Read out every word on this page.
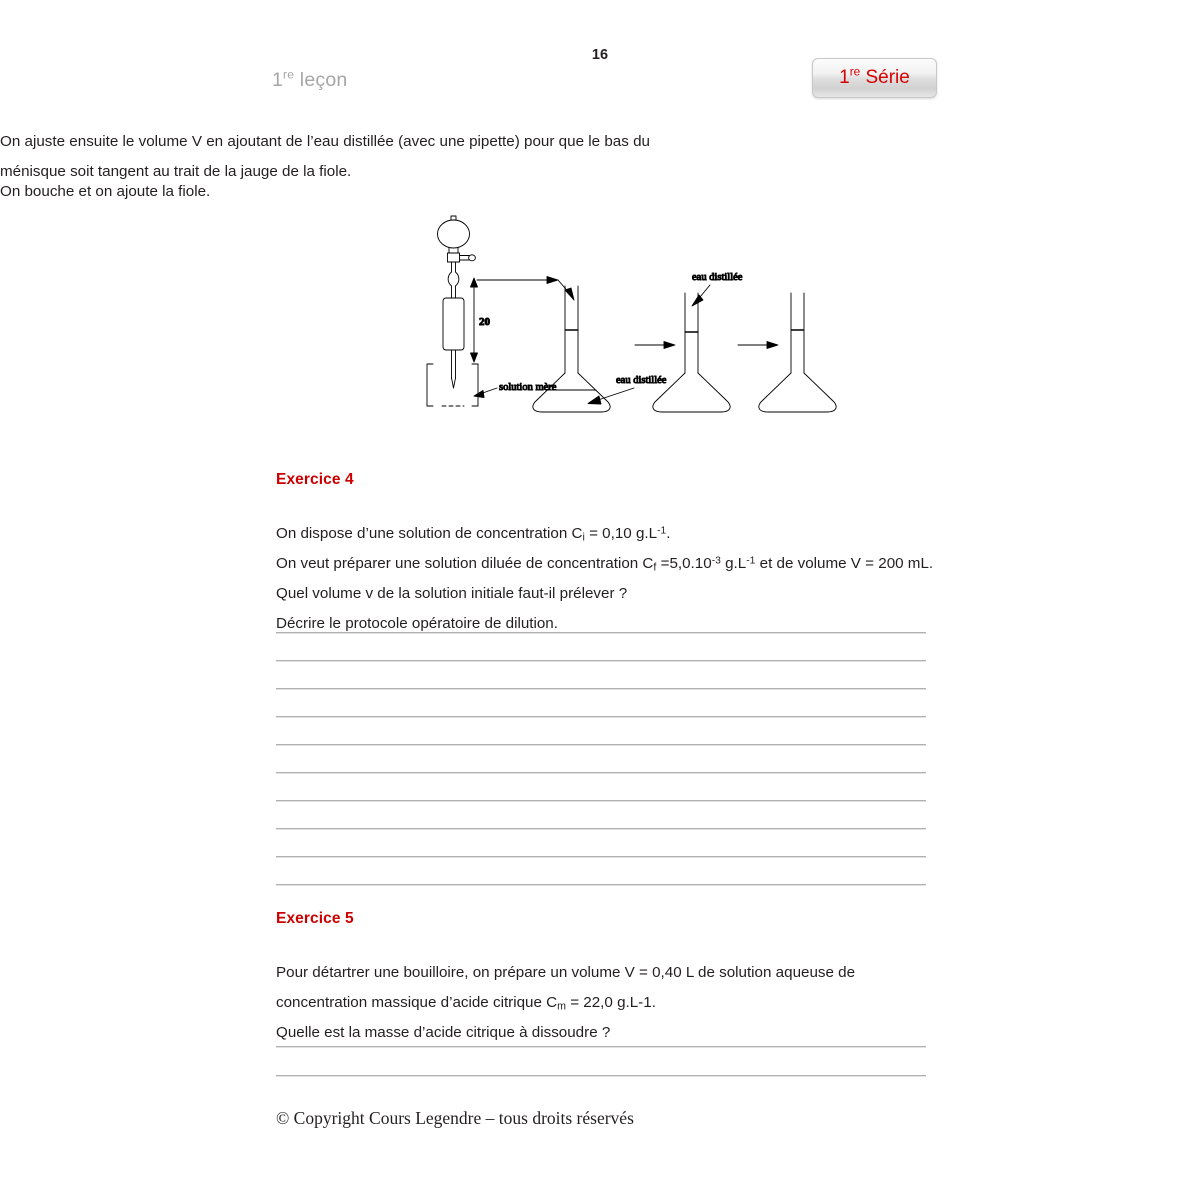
1re leçon
16
1re Série
On ajuste ensuite le volume V en ajoutant de l’eau distillée (avec une pipette) pour que le bas du ménisque soit tangent au trait de la jauge de la fiole.
On bouche et on ajoute la fiole.
20
solution mère
eau distillée
eau distillée
Exercice 4
On dispose d’une solution de concentration $C_i = 0,10$ $g.L^{-1}$.
On veut préparer une solution diluée de concentration $C_f =5,0.10^{-3}$ $g.L^{-1}$ et de volume V = 200 mL.
Quel volume v de la solution initiale faut-il prélever ?
Décrire le protocole opératoire de dilution.
Exercice 5
Pour détartrer une bouilloire, on prépare un volume V = 0,40 L de solution aqueuse de concentration massique d’acide citrique $C_m = 22,0$ g.L-1.
Quelle est la masse d’acide citrique à dissoudre ?
© Copyright Cours Legendre – tous droits réservés
